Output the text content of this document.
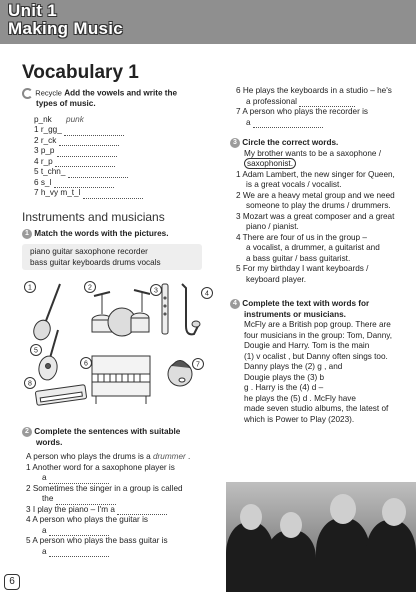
Unit 1
Making Music
Vocabulary 1
Recycle Add the vowels and write the
types of music.
p_nk punk
1 r_gg_
2 r_ck
3 p_p
4 r_p
5 t_chn_
6 s_l
7 h_vy m_t_l
Instruments and musicians
1 Match the words with the pictures.
piano guitar saxophone recorder
bass guitar keyboards drums vocals
1	2	3	4
5
6	7
8
2 Complete the sentences with suitable
words.
A person who plays the drums is a drummer .
1 Another word for a saxophone player is
a
2 Sometimes the singer in a group is called
the
3 I play the piano – I'm a
4 A person who plays the guitar is
a
5 A person who plays the bass guitar is
a
6 He plays the keyboards in a studio – he's
a professional
7 A person who plays the recorder is
a
3 Circle the correct words.
My brother wants to be a saxophone /
saxophonist.
1 Adam Lambert, the new singer for Queen,
is a great vocals / vocalist.
2 We are a heavy metal group and we need
someone to play the drums / drummers.
3 Mozart was a great composer and a great
piano / pianist.
4 There are four of us in the group –
a vocalist, a drummer, a guitarist and
a bass guitar / bass guitarist.
5 For my birthday I want keyboards /
keyboard player.
4 Complete the text with words for
instruments or musicians.
McFly are a British pop group. There are
four musicians in the group: Tom, Danny,
Dougie and Harry. Tom is the main
(1) v ocalist , but Danny often sings too.
Danny plays the (2) g , and
Dougie plays the (3) b
g . Harry is the (4) d –
he plays the (5) d . McFly have
made seven studio albums, the latest of
which is Power to Play (2023).
6
